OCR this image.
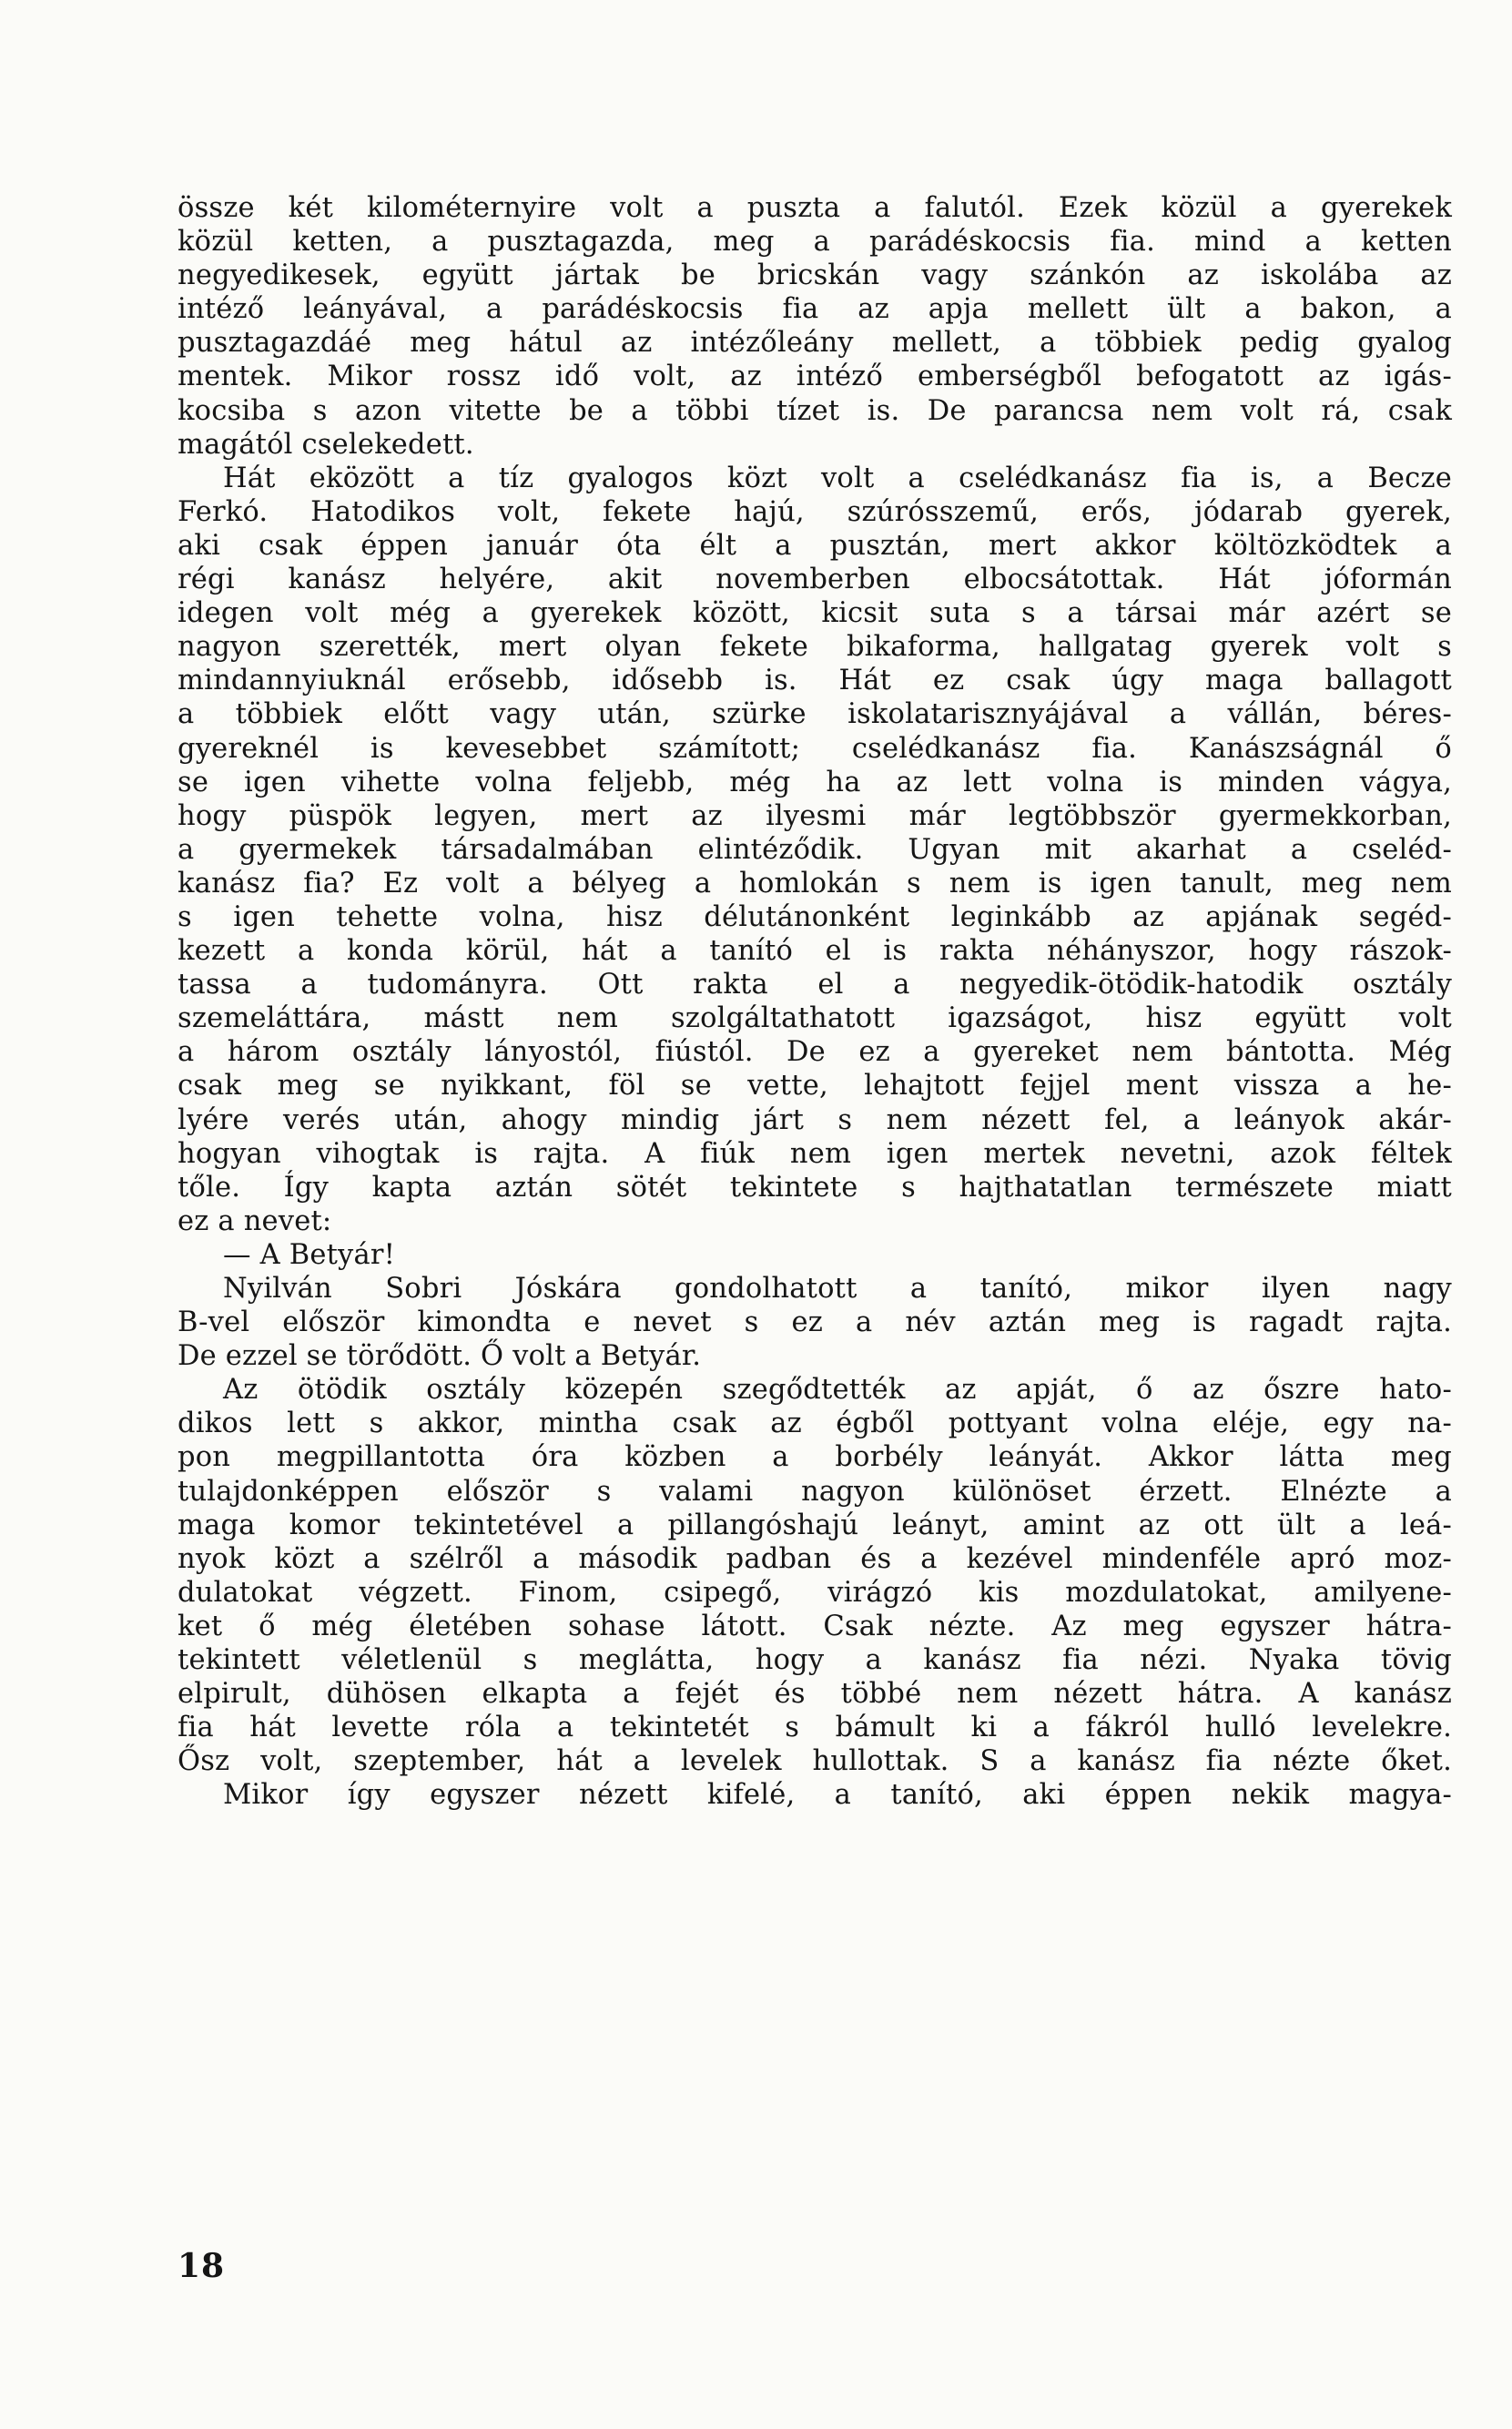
össze két kilométernyire volt a puszta a falutól. Ezek közül a gyerekek
közül ketten, a pusztagazda, meg a parádéskocsis fia. mind a ketten
negyedikesek, együtt jártak be bricskán vagy szánkón az iskolába az
intéző leányával, a parádéskocsis fia az apja mellett ült a bakon, a
pusztagazdáé meg hátul az intézőleány mellett, a többiek pedig gyalog
mentek. Mikor rossz idő volt, az intéző emberségből befogatott az igás-
kocsiba s azon vitette be a többi tízet is. De parancsa nem volt rá, csak
magától cselekedett.
Hát eközött a tíz gyalogos közt volt a cselédkanász fia is, a Becze
Ferkó. Hatodikos volt, fekete hajú, szúrósszemű, erős, jódarab gyerek,
aki csak éppen január óta élt a pusztán, mert akkor költözködtek a
régi kanász helyére, akit novemberben elbocsátottak. Hát jóformán
idegen volt még a gyerekek között, kicsit suta s a társai már azért se
nagyon szerették, mert olyan fekete bikaforma, hallgatag gyerek volt s
mindannyiuknál erősebb, idősebb is. Hát ez csak úgy maga ballagott
a többiek előtt vagy után, szürke iskolatarisznyájával a vállán, béres-
gyereknél is kevesebbet számított; cselédkanász fia. Kanászságnál ő
se igen vihette volna feljebb, még ha az lett volna is minden vágya,
hogy püspök legyen, mert az ilyesmi már legtöbbször gyermekkorban,
a gyermekek társadalmában elintéződik. Ugyan mit akarhat a cseléd-
kanász fia? Ez volt a bélyeg a homlokán s nem is igen tanult, meg nem
s igen tehette volna, hisz délutánonként leginkább az apjának segéd-
kezett a konda körül, hát a tanító el is rakta néhányszor, hogy rászok-
tassa a tudományra. Ott rakta el a negyedik-ötödik-hatodik osztály
szemeláttára, mástt nem szolgáltathatott igazságot, hisz együtt volt
a három osztály lányostól, fiústól. De ez a gyereket nem bántotta. Még
csak meg se nyikkant, föl se vette, lehajtott fejjel ment vissza a he-
lyére verés után, ahogy mindig járt s nem nézett fel, a leányok akár-
hogyan vihogtak is rajta. A fiúk nem igen mertek nevetni, azok féltek
tőle. Így kapta aztán sötét tekintete s hajthatatlan természete miatt
ez a nevet:
— A Betyár!
Nyilván Sobri Jóskára gondolhatott a tanító, mikor ilyen nagy
B-vel először kimondta e nevet s ez a név aztán meg is ragadt rajta.
De ezzel se törődött. Ő volt a Betyár.
Az ötödik osztály közepén szegődtették az apját, ő az őszre hato-
dikos lett s akkor, mintha csak az égből pottyant volna eléje, egy na-
pon megpillantotta óra közben a borbély leányát. Akkor látta meg
tulajdonképpen először s valami nagyon különöset érzett. Elnézte a
maga komor tekintetével a pillangóshajú leányt, amint az ott ült a leá-
nyok közt a szélről a második padban és a kezével mindenféle apró moz-
dulatokat végzett. Finom, csipegő, virágzó kis mozdulatokat, amilyene-
ket ő még életében sohase látott. Csak nézte. Az meg egyszer hátra-
tekintett véletlenül s meglátta, hogy a kanász fia nézi. Nyaka tövig
elpirult, dühösen elkapta a fejét és többé nem nézett hátra. A kanász
fia hát levette róla a tekintetét s bámult ki a fákról hulló levelekre.
Ősz volt, szeptember, hát a levelek hullottak. S a kanász fia nézte őket.
Mikor így egyszer nézett kifelé, a tanító, aki éppen nekik magya-
18
